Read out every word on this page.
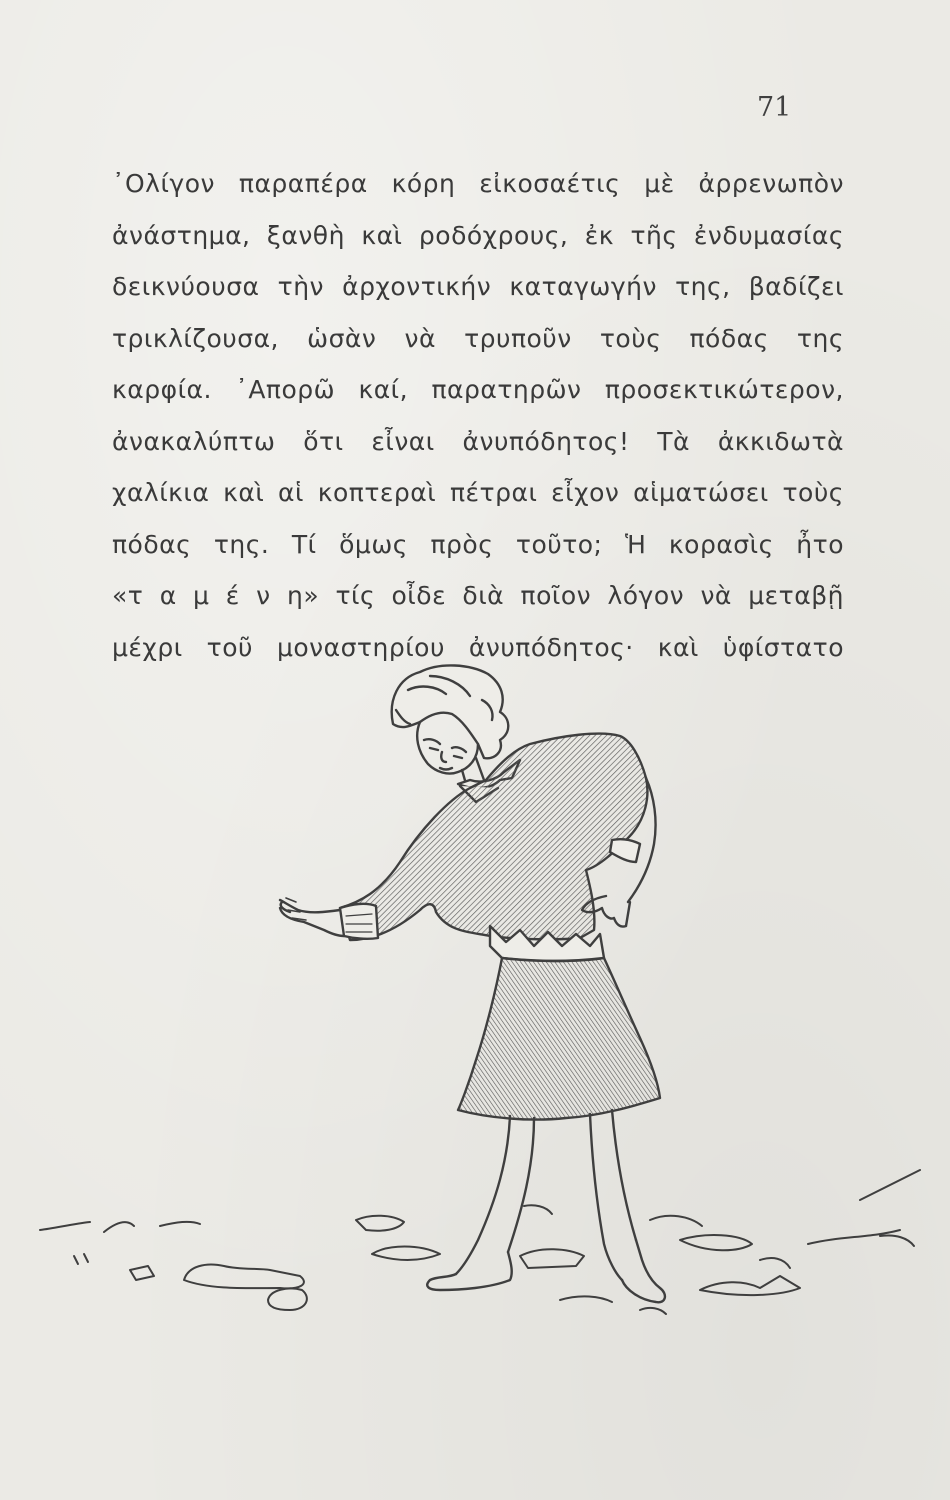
71
᾿Ολίγον παραπέρα κόρη εἰκοσαέτις μὲ ἀρρενωπὸν
ἀνάστημα, ξανθὴ καὶ ροδόχρους, ἐκ τῆς ἐνδυμασίας
δεικνύουσα τὴν ἀρχοντικήν καταγωγήν της, βαδίζει
τρικλίζουσα, ὡσὰν νὰ τρυποῦν τοὺς πόδας της
καρφία. ᾿Απορῶ καί, παρατηρῶν προσεκτικώτερον,
ἀνακαλύπτω ὅτι εἶναι ἀνυπόδητος! Τὰ ἀκκιδωτὰ
χαλίκια καὶ αἱ κοπτεραὶ πέτραι εἶχον αἱματώσει τοὺς
πόδας της. Τί ὅμως πρὸς τοῦτο; Ἡ κορασὶς ἦτο
«τ α μ έ ν η» τίς οἶδε διὰ ποῖον λόγον νὰ μεταβῇ
μέχρι τοῦ μοναστηρίου ἀνυπόδητος· καὶ ὑφίστατο
